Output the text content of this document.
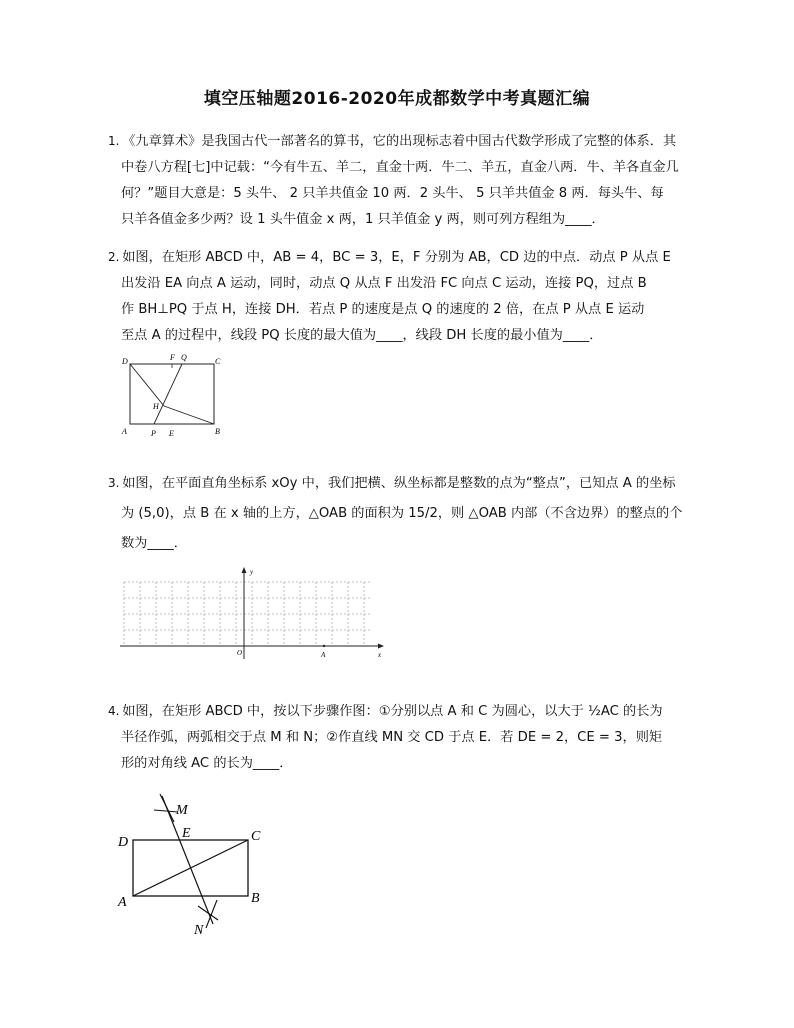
填空压轴题2016-2020年成都数学中考真题汇编
1. 《九章算术》是我国古代一部著名的算书，它的出现标志着中国古代数学形成了完整的体系．其
中卷八方程[七]中记载：“今有牛五、羊二，直金十两．牛二、羊五，直金八两．牛、羊各直金几
何？”题目大意是：5 头牛、 2 只羊共值金 10 两．2 头牛、 5 只羊共值金 8 两．每头牛、每
只羊各值金多少两？设 1 头牛值金 x 两，1 只羊值金 y 两，则可列方程组为____．
2. 如图，在矩形 ABCD 中，AB = 4，BC = 3，E，F 分别为 AB，CD 边的中点．动点 P 从点 E
出发沿 EA 向点 A 运动，同时，动点 Q 从点 F 出发沿 FC 向点 C 运动，连接 PQ，过点 B
作 BH⊥PQ 于点 H，连接 DH．若点 P 的速度是点 Q 的速度的 2 倍，在点 P 从点 E 运动
至点 A 的过程中，线段 PQ 长度的最大值为____，线段 DH 长度的最小值为____．
D	F Q	C
H
A	P E	B
3. 如图，在平面直角坐标系 xOy 中，我们把横、纵坐标都是整数的点为“整点”，已知点 A 的坐标
为 (5,0)，点 B 在 x 轴的上方，△OAB 的面积为 15/2，则 △OAB 内部（不含边界）的整点的个
数为____．
y
O	A	x
4. 如图，在矩形 ABCD 中，按以下步骤作图：①分别以点 A 和 C 为圆心，以大于 ½AC 的长为
半径作弧，两弧相交于点 M 和 N；②作直线 MN 交 CD 于点 E．若 DE = 2，CE = 3，则矩
形的对角线 AC 的长为____．
M
E
D	C
A	B
N
